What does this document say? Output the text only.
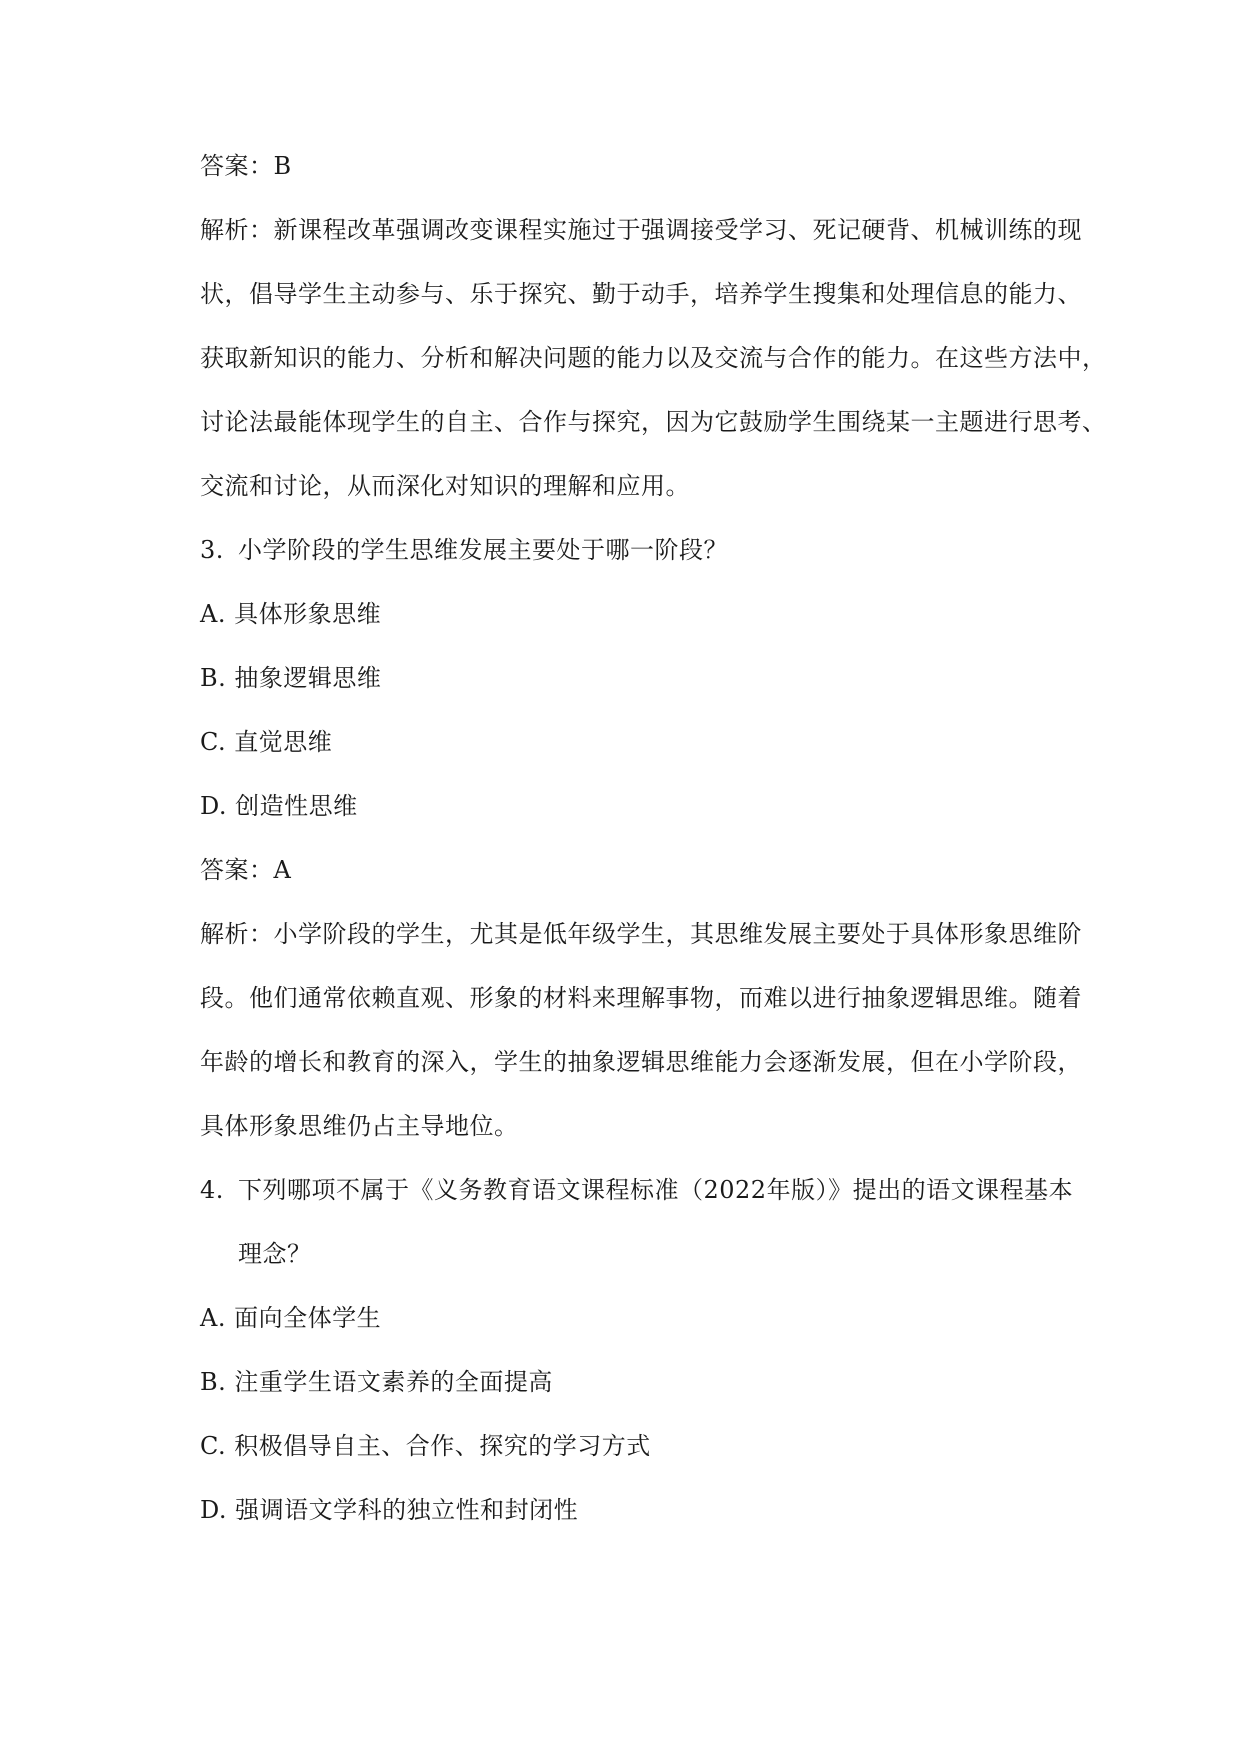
答案：B
解析：新课程改革强调改变课程实施过于强调接受学习、死记硬背、机械训练的现
状，倡导学生主动参与、乐于探究、勤于动手，培养学生搜集和处理信息的能力、
获取新知识的能力、分析和解决问题的能力以及交流与合作的能力。在这些方法中，
讨论法最能体现学生的自主、合作与探究，因为它鼓励学生围绕某一主题进行思考、
交流和讨论，从而深化对知识的理解和应用。
3. 小学阶段的学生思维发展主要处于哪一阶段？
A. 具体形象思维
B. 抽象逻辑思维
C. 直觉思维
D. 创造性思维
答案：A
解析：小学阶段的学生，尤其是低年级学生，其思维发展主要处于具体形象思维阶
段。他们通常依赖直观、形象的材料来理解事物，而难以进行抽象逻辑思维。随着
年龄的增长和教育的深入，学生的抽象逻辑思维能力会逐渐发展，但在小学阶段，
具体形象思维仍占主导地位。
4. 下列哪项不属于《义务教育语文课程标准（2022年版）》提出的语文课程基本
理念？
A. 面向全体学生
B. 注重学生语文素养的全面提高
C. 积极倡导自主、合作、探究的学习方式
D. 强调语文学科的独立性和封闭性
